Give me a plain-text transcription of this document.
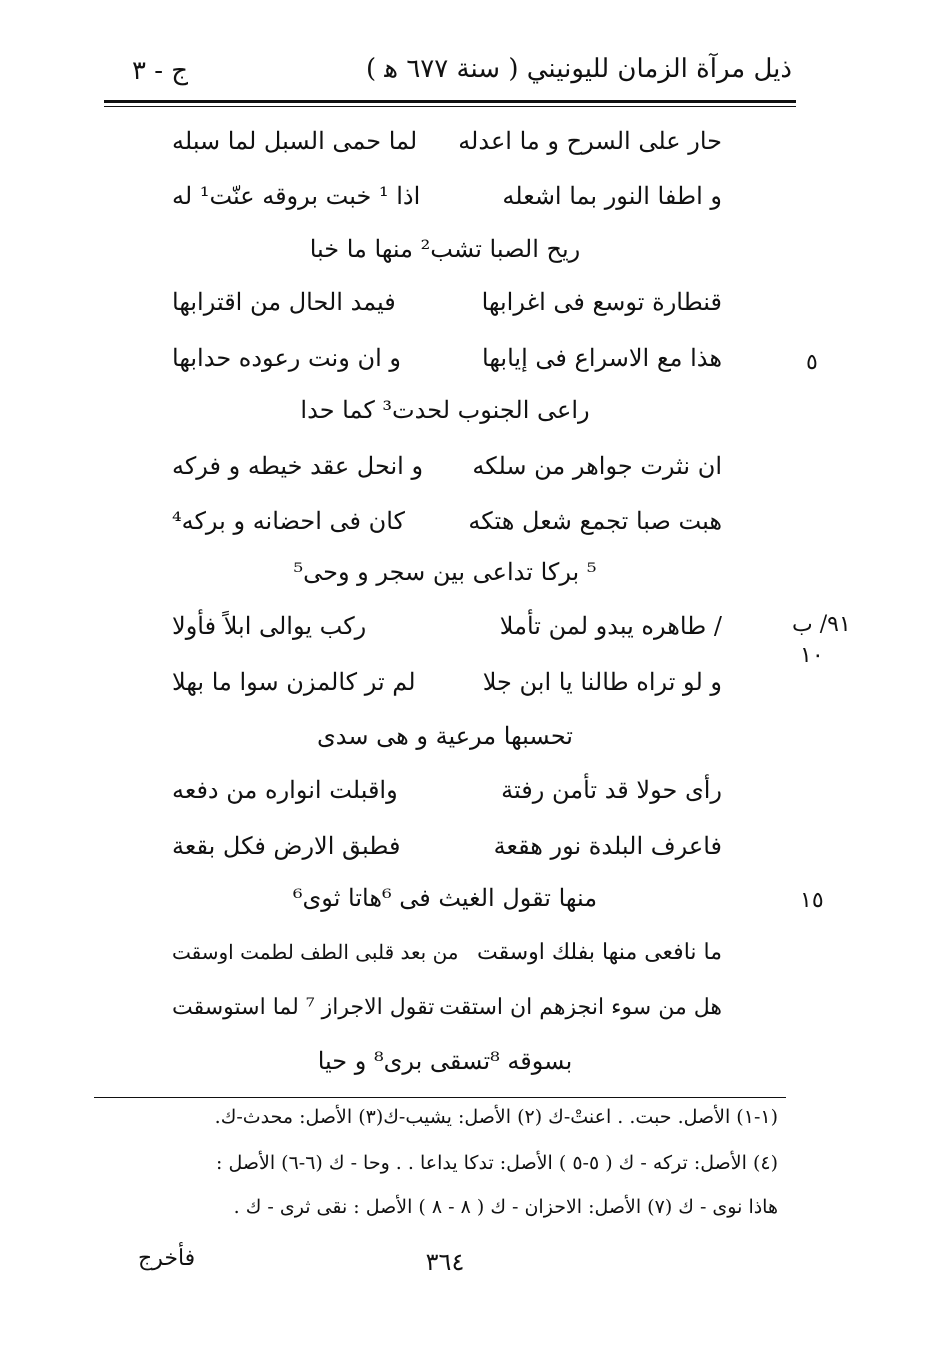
ذيل مرآة الزمان لليونيني ( سنة ٦٧٧ ﻫ )
ج - ٣
حار على السرح و ما اعدله
لما حمى السبل لما سبله
و اطفا النور بما اشعله
اذا ¹ خبت بروقه عنّت¹ له
ريح الصبا تشب² منها ما خبا
قنطارة توسع فى اغرابها
فيمد الحال من اقترابها
هذا مع الاسراع فى إيابها
و ان ونت رعوده حدابها
راعى الجنوب لحدت³ كما حدا
ان نثرت جواهر من سلكه
و انحل عقد خيطه و فركه
هبت صبا تجمع شعل هتكه
كان فى احضانه و بركه⁴
⁵ بركا تداعى بين سجر و وحى⁵
/ طاهره يبدو لمن تأملا
ركب يوالى ابلاً فأولا
و لو تراه طالنا يا ابن جلا
لم تر كالمزن سوا ما بهلا
تحسبها مرعية و هى سدى
رأى حولا قد تأمن رفتة
واقبلت انواره من دفعه
فاعرف البلدة نور هقعة
فطبق الارض فكل بقعة
منها تقول الغيث فى ⁶هاتا ثوى⁶
ما نافعى منها بفلك اوسقت
من بعد قلبى الطف لطمت اوسقت
هل من سوء انجزهم ان استقت
تقول الاجراز ⁷ لما استوسقت
بسوقه ⁸تسقى برى⁸ و حيا
٥
٩١/ ب
١٠
١٥
(١-١) الأصل. حبت. . اعنتْ-ك (٢) الأصل: يشيب-ك(٣) الأصل: محدث-ك.
(٤) الأصل: تركه - ك ( ٥-٥ ) الأصل: تدكا يداعا . . وحا - ك (٦-٦) الأصل :
هاذا نوى - ك (٧) الأصل: الاحزان - ك ( ٨ - ٨ ) الأصل : نقى ثرى - ك .
٣٦٤
فأخرج
